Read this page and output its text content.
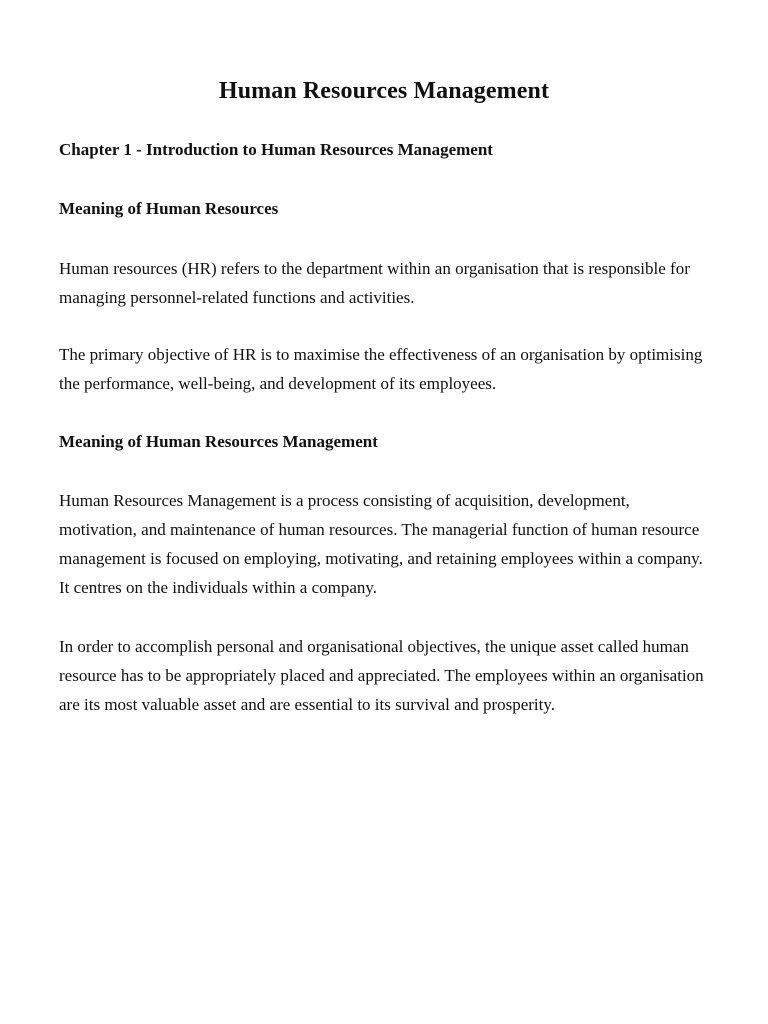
Human Resources Management

Chapter 1 - Introduction to Human Resources Management

Meaning of Human Resources

Human resources (HR) refers to the department within an organisation that is responsible for managing personnel-related functions and activities.

The primary objective of HR is to maximise the effectiveness of an organisation by optimising the performance, well-being, and development of its employees.

Meaning of Human Resources Management

Human Resources Management is a process consisting of acquisition, development, motivation, and maintenance of human resources. The managerial function of human resource management is focused on employing, motivating, and retaining employees within a company. It centres on the individuals within a company.

In order to accomplish personal and organisational objectives, the unique asset called human resource has to be appropriately placed and appreciated. The employees within an organisation are its most valuable asset and are essential to its survival and prosperity.
